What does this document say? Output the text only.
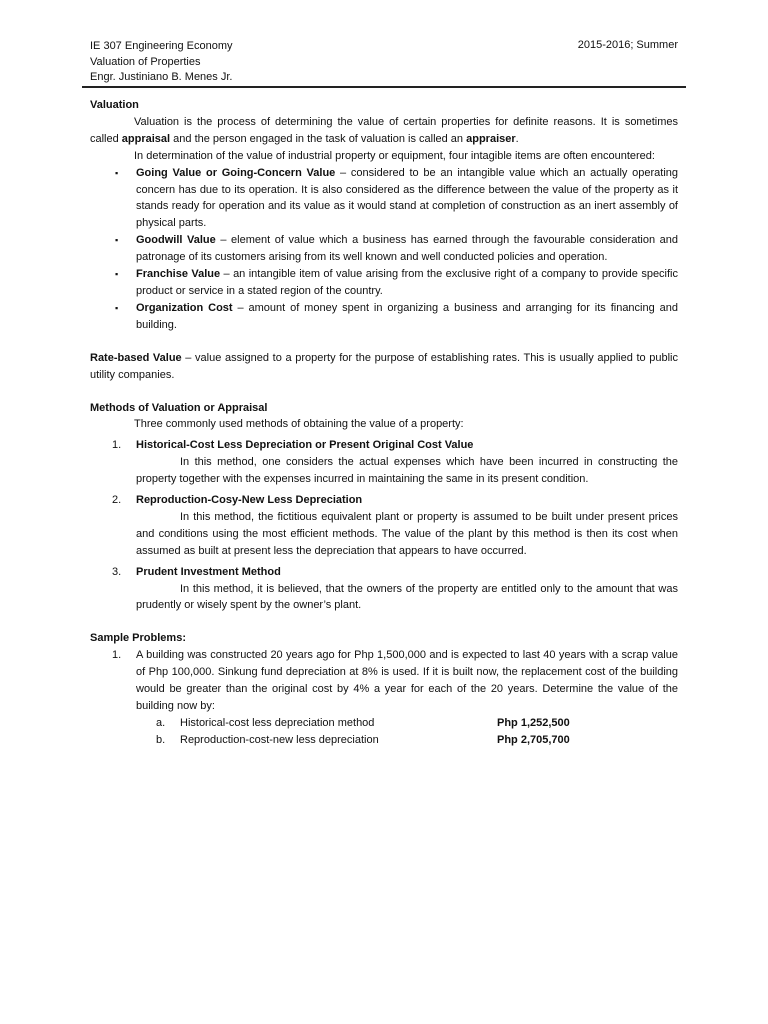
IE 307 Engineering Economy
Valuation of Properties
Engr. Justiniano B. Menes Jr.
2015-2016; Summer

Valuation

Valuation is the process of determining the value of certain properties for definite reasons. It is sometimes called appraisal and the person engaged in the task of valuation is called an appraiser.

In determination of the value of industrial property or equipment, four intagible items are often encountered:

▪ Going Value or Going-Concern Value – considered to be an intangible value which an actually operating concern has due to its operation. It is also considered as the difference between the value of the property as it stands ready for operation and its value as it would stand at completion of construction as an inert assembly of physical parts.
▪ Goodwill Value – element of value which a business has earned through the favourable consideration and patronage of its customers arising from its well known and well conducted policies and operation.
▪ Franchise Value – an intangible item of value arising from the exclusive right of a company to provide specific product or service in a stated region of the country.
▪ Organization Cost – amount of money spent in organizing a business and arranging for its financing and building.

Rate-based Value – value assigned to a property for the purpose of establishing rates. This is usually applied to public utility companies.

Methods of Valuation or Appraisal

Three commonly used methods of obtaining the value of a property:

1. Historical-Cost Less Depreciation or Present Original Cost Value
In this method, one considers the actual expenses which have been incurred in constructing the property together with the expenses incurred in maintaining the same in its present condition.
2. Reproduction-Cosy-New Less Depreciation
In this method, the fictitious equivalent plant or property is assumed to be built under present prices and conditions using the most efficient methods. The value of the plant by this method is then its cost when assumed as built at present less the depreciation that appears to have occurred.
3. Prudent Investment Method
In this method, it is believed, that the owners of the property are entitled only to the amount that was prudently or wisely spent by the owner’s plant.

Sample Problems:

1. A building was constructed 20 years ago for Php 1,500,000 and is expected to last 40 years with a scrap value of Php 100,000. Sinkung fund depreciation at 8% is used. If it is built now, the replacement cost of the building would be greater than the original cost by 4% a year for each of the 20 years. Determine the value of the building now by:
a. Historical-cost less depreciation method	Php 1,252,500
b. Reproduction-cost-new less depreciation	Php 2,705,700
